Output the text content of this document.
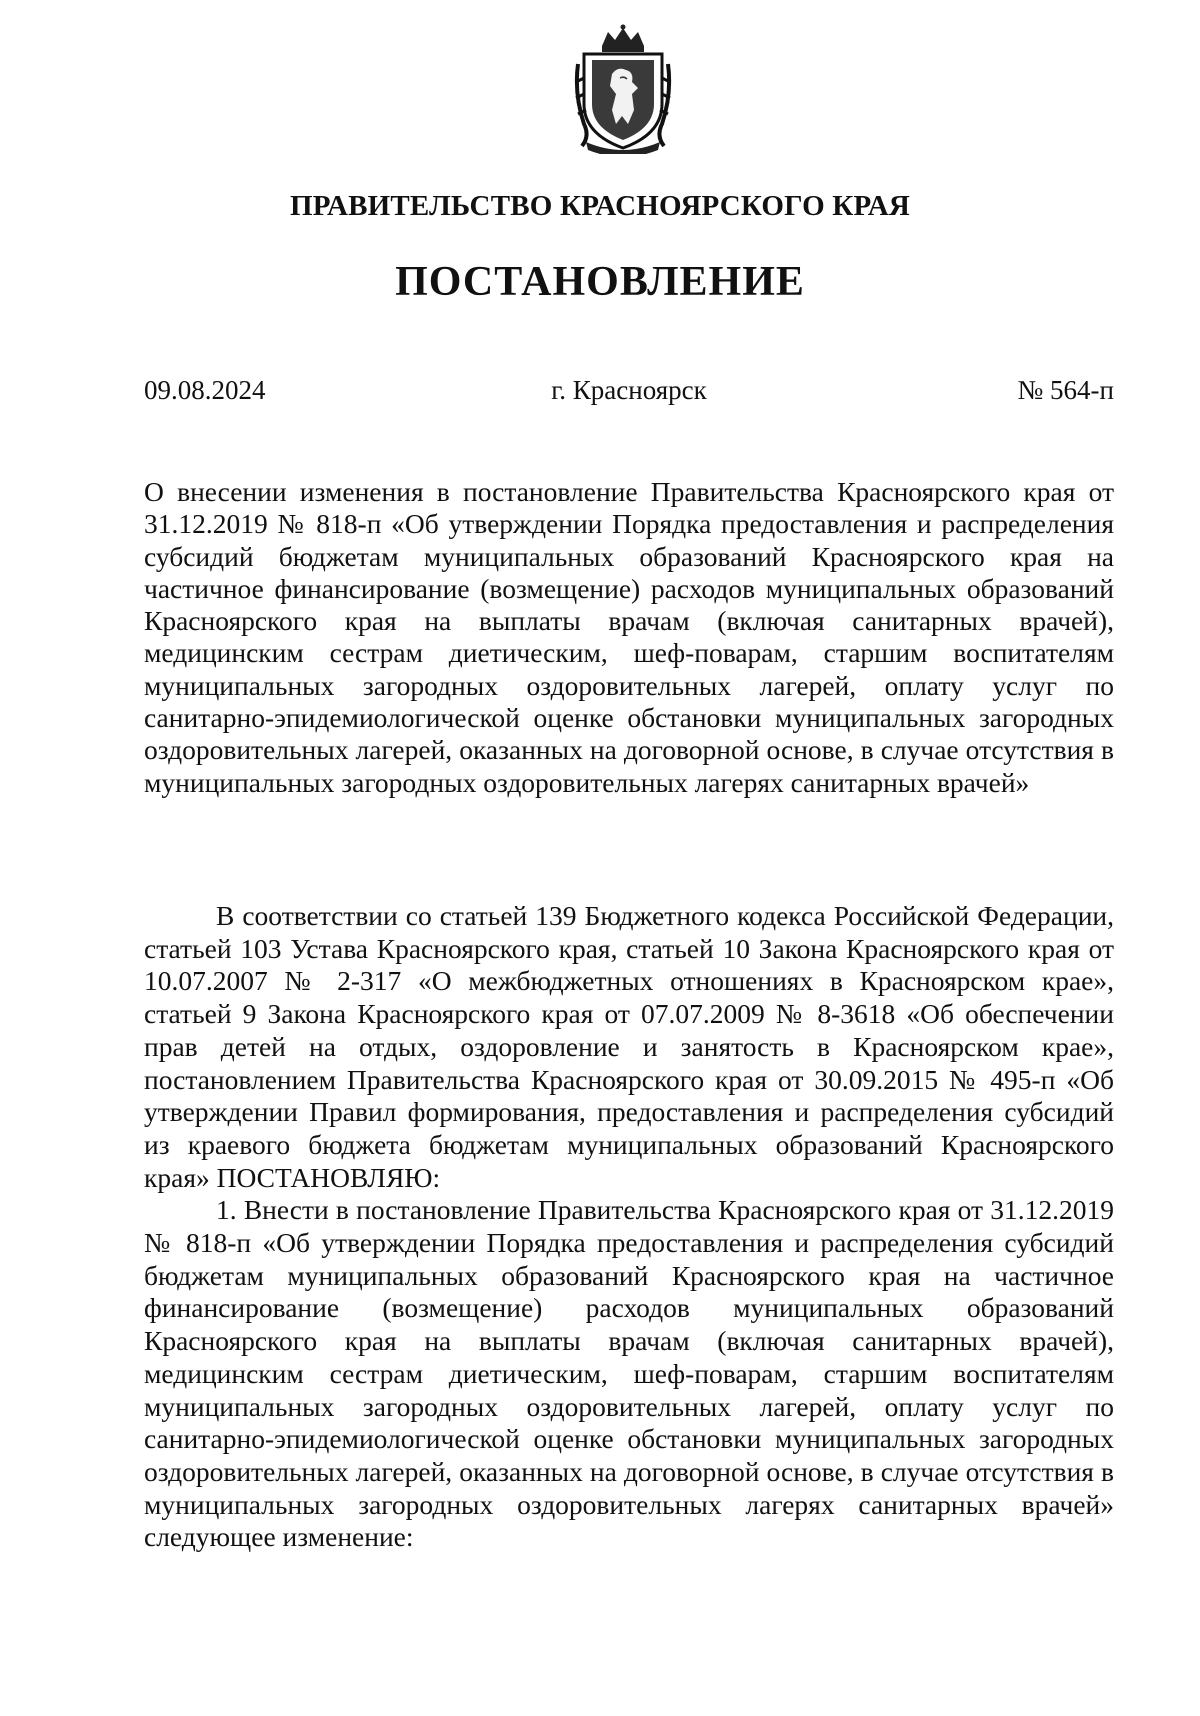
ПРАВИТЕЛЬСТВО КРАСНОЯРСКОГО КРАЯ
ПОСТАНОВЛЕНИЕ
09.08.2024	г. Красноярск	№ 564-п
О внесении изменения в постановление Правительства Красноярского края от 31.12.2019 № 818-п «Об утверждении Порядка предоставления и распределения субсидий бюджетам муниципальных образований Красноярского края на частичное финансирование (возмещение) расходов муниципальных образований Красноярского края на выплаты врачам (включая санитарных врачей), медицинским сестрам диетическим, шеф-поварам, старшим воспитателям муниципальных загородных оздоровительных лагерей, оплату услуг по санитарно-эпидемиологической оценке обстановки муниципальных загородных оздоровительных лагерей, оказанных на договорной основе, в случае отсутствия в муниципальных загородных оздоровительных лагерях санитарных врачей»

В соответствии со статьей 139 Бюджетного кодекса Российской Федерации, статьей 103 Устава Красноярского края, статьей 10 Закона Красноярского края от 10.07.2007 № 2-317 «О межбюджетных отношениях в Красноярском крае», статьей 9 Закона Красноярского края от 07.07.2009 № 8-3618 «Об обеспечении прав детей на отдых, оздоровление и занятость в Красноярском крае», постановлением Правительства Красноярского края от 30.09.2015 № 495-п «Об утверждении Правил формирования, предоставления и распределения субсидий из краевого бюджета бюджетам муниципальных образований Красноярского края» ПОСТАНОВЛЯЮ:

1. Внести в постановление Правительства Красноярского края от 31.12.2019 № 818-п «Об утверждении Порядка предоставления и распределения субсидий бюджетам муниципальных образований Красноярского края на частичное финансирование (возмещение) расходов муниципальных образований Красноярского края на выплаты врачам (включая санитарных врачей), медицинским сестрам диетическим, шеф-поварам, старшим воспитателям муниципальных загородных оздоровительных лагерей, оплату услуг по санитарно-эпидемиологической оценке обстановки муниципальных загородных оздоровительных лагерей, оказанных на договорной основе, в случае отсутствия в муниципальных загородных оздоровительных лагерях санитарных врачей» следующее изменение:
